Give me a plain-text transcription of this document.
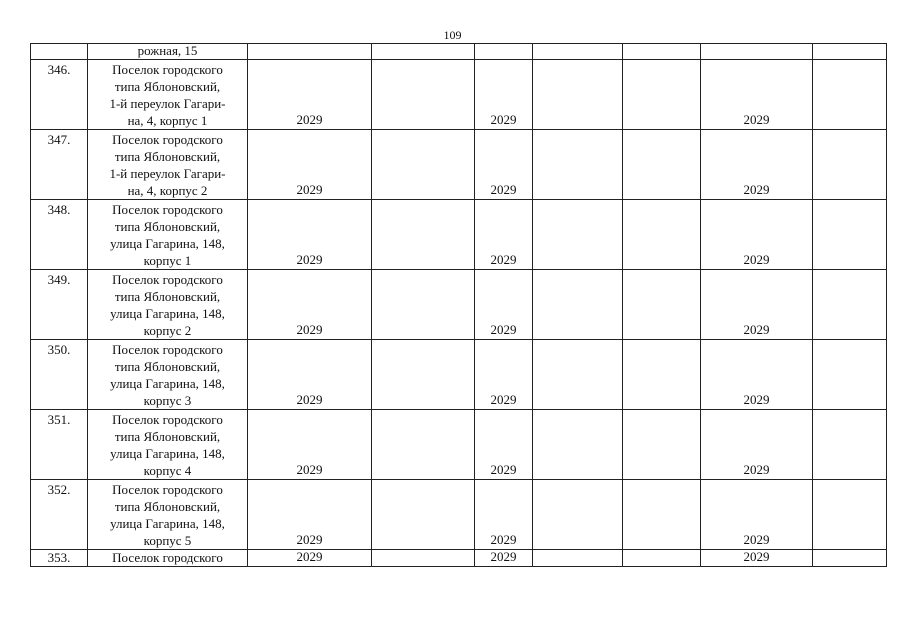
109
	рожная, 15							
346.	Поселок городского
типа Яблоновский,
1-й переулок Гагари-
на, 4, корпус 1	2029		2029			2029	
347.	Поселок городского
типа Яблоновский,
1-й переулок Гагари-
на, 4, корпус 2	2029		2029			2029	
348.	Поселок городского
типа Яблоновский,
улица Гагарина, 148,
корпус 1	2029		2029			2029	
349.	Поселок городского
типа Яблоновский,
улица Гагарина, 148,
корпус 2	2029		2029			2029	
350.	Поселок городского
типа Яблоновский,
улица Гагарина, 148,
корпус 3	2029		2029			2029	
351.	Поселок городского
типа Яблоновский,
улица Гагарина, 148,
корпус 4	2029		2029			2029	
352.	Поселок городского
типа Яблоновский,
улица Гагарина, 148,
корпус 5	2029		2029			2029	
353.	Поселок городского	2029		2029			2029	
